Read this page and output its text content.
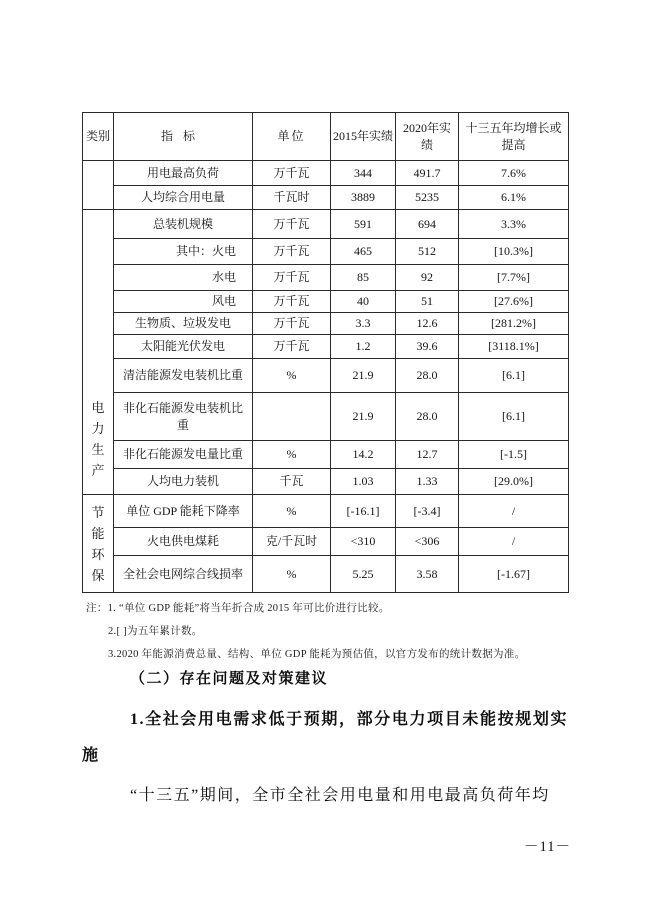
类别	指标	单位	2015年实绩	2020年实绩	十三五年均增长或提高

	用电最高负荷	万千瓦	344	491.7	7.6%
	人均综合用电量	千瓦时	3889	5235	6.1%

电力生产	总装机规模	万千瓦	591	694	3.3%
	其中：火电	万千瓦	465	512	[10.3%]
	水电	万千瓦	85	92	[7.7%]
	风电	万千瓦	40	51	[27.6%]
	生物质、垃圾发电	万千瓦	3.3	12.6	[281.2%]
	太阳能光伏发电	万千瓦	1.2	39.6	[3118.1%]
	清洁能源发电装机比重	%	21.9	28.0	[6.1]
	非化石能源发电装机比重		21.9	28.0	[6.1]
	非化石能源发电量比重	%	14.2	12.7	[-1.5]
	人均电力装机	千瓦	1.03	1.33	[29.0%]

节能环保	单位 GDP 能耗下降率	%	[-16.1]	[-3.4]	/
	火电供电煤耗	克/千瓦时	<310	<306	/
	全社会电网综合线损率	%	5.25	3.58	[-1.67]
注：1. “单位 GDP 能耗”将当年折合成 2015 年可比价进行比较。
2.[ ]为五年累计数。
3.2020 年能源消费总量、结构、单位 GDP 能耗为预估值，以官方发布的统计数据为准。

（二）存在问题及对策建议

1.全社会用电需求低于预期，部分电力项目未能按规划实施

“十三五”期间，全市全社会用电量和用电最高负荷年均

－11－
